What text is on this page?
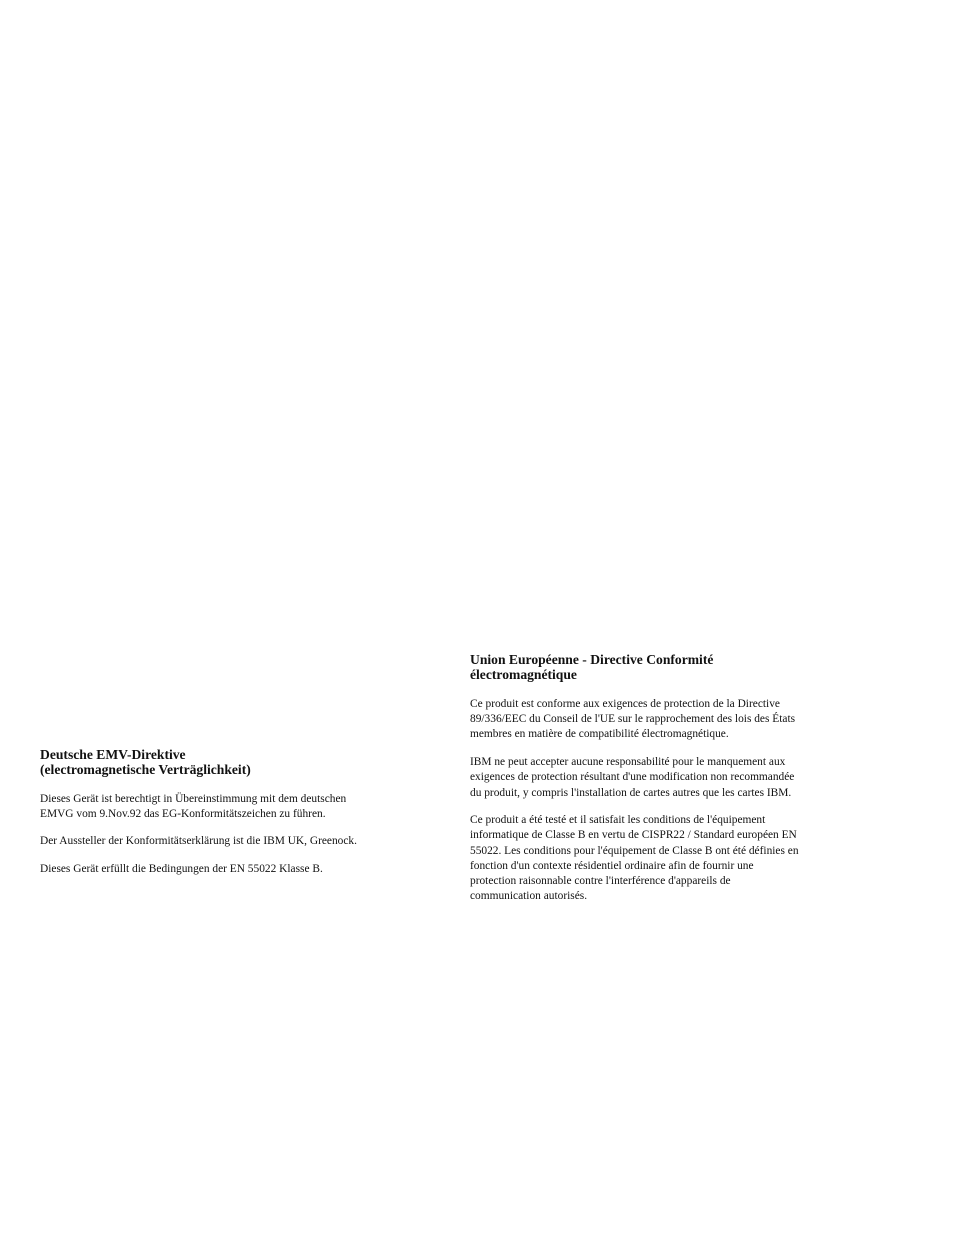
Deutsche EMV-Direktive
(electromagnetische Verträglichkeit)
Dieses Gerät ist berechtigt in Übereinstimmung mit dem deutschen
EMVG vom 9.Nov.92 das EG-Konformitätszeichen zu führen.
Der Aussteller der Konformitätserklärung ist die IBM UK, Greenock.
Dieses Gerät erfüllt die Bedingungen der EN 55022 Klasse B.
Union Européenne - Directive Conformité
électromagnétique
Ce produit est conforme aux exigences de protection de la Directive
89/336/EEC du Conseil de l'UE sur le rapprochement des lois des États
membres en matière de compatibilité électromagnétique.
IBM ne peut accepter aucune responsabilité pour le manquement aux
exigences de protection résultant d'une modification non recommandée
du produit, y compris l'installation de cartes autres que les cartes IBM.
Ce produit a été testé et il satisfait les conditions de l'équipement
informatique de Classe B en vertu de CISPR22 / Standard européen EN
55022. Les conditions pour l'équipement de Classe B ont été définies en
fonction d'un contexte résidentiel ordinaire afin de fournir une
protection raisonnable contre l'interférence d'appareils de
communication autorisés.
